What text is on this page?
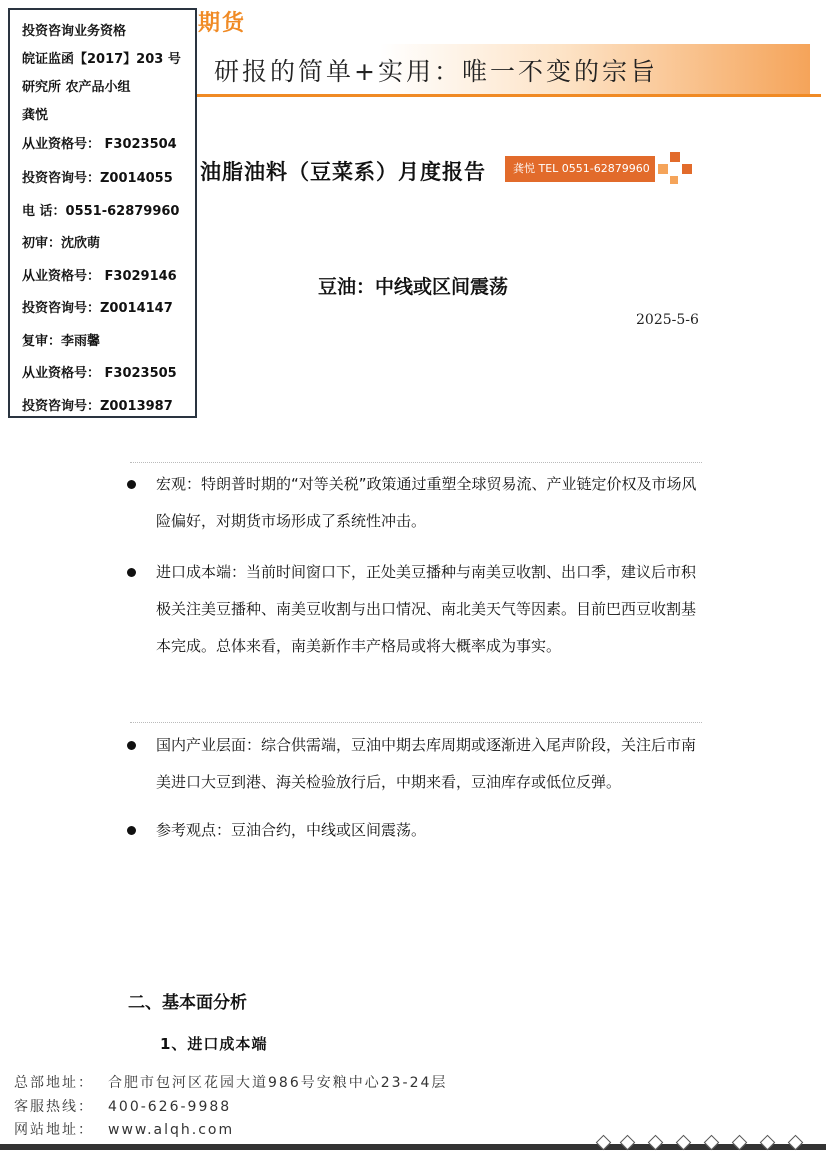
期货
研报的简单+实用：唯一不变的宗旨
油脂油料（豆菜系）月度报告	龚悦 TEL 0551-62879960
投资咨询业务资格
皖证监函【2017】203 号
研究所 农产品小组
龚悦
从业资格号： F3023504
投资咨询号：Z0014055
电 话：0551-62879960
初审：沈欣萌
从业资格号： F3029146
投资咨询号：Z0014147
复审：李雨馨
从业资格号： F3023505
投资咨询号：Z0013987
豆油：中线或区间震荡
2025-5-6
宏观：特朗普时期的“对等关税”政策通过重塑全球贸易流、产业链定价权及市场风险偏好，对期货市场形成了系统性冲击。
进口成本端：当前时间窗口下，正处美豆播种与南美豆收割、出口季，建议后市积极关注美豆播种、南美豆收割与出口情况、南北美天气等因素。目前巴西豆收割基本完成。总体来看，南美新作丰产格局或将大概率成为事实。
国内产业层面：综合供需端，豆油中期去库周期或逐渐进入尾声阶段，关注后市南美进口大豆到港、海关检验放行后，中期来看，豆油库存或低位反弹。
参考观点：豆油合约，中线或区间震荡。
二、基本面分析
1、进口成本端
总部地址： 合肥市包河区花园大道986号安粮中心23-24层
客服热线： 400-626-9988
网站地址： www.alqh.com
